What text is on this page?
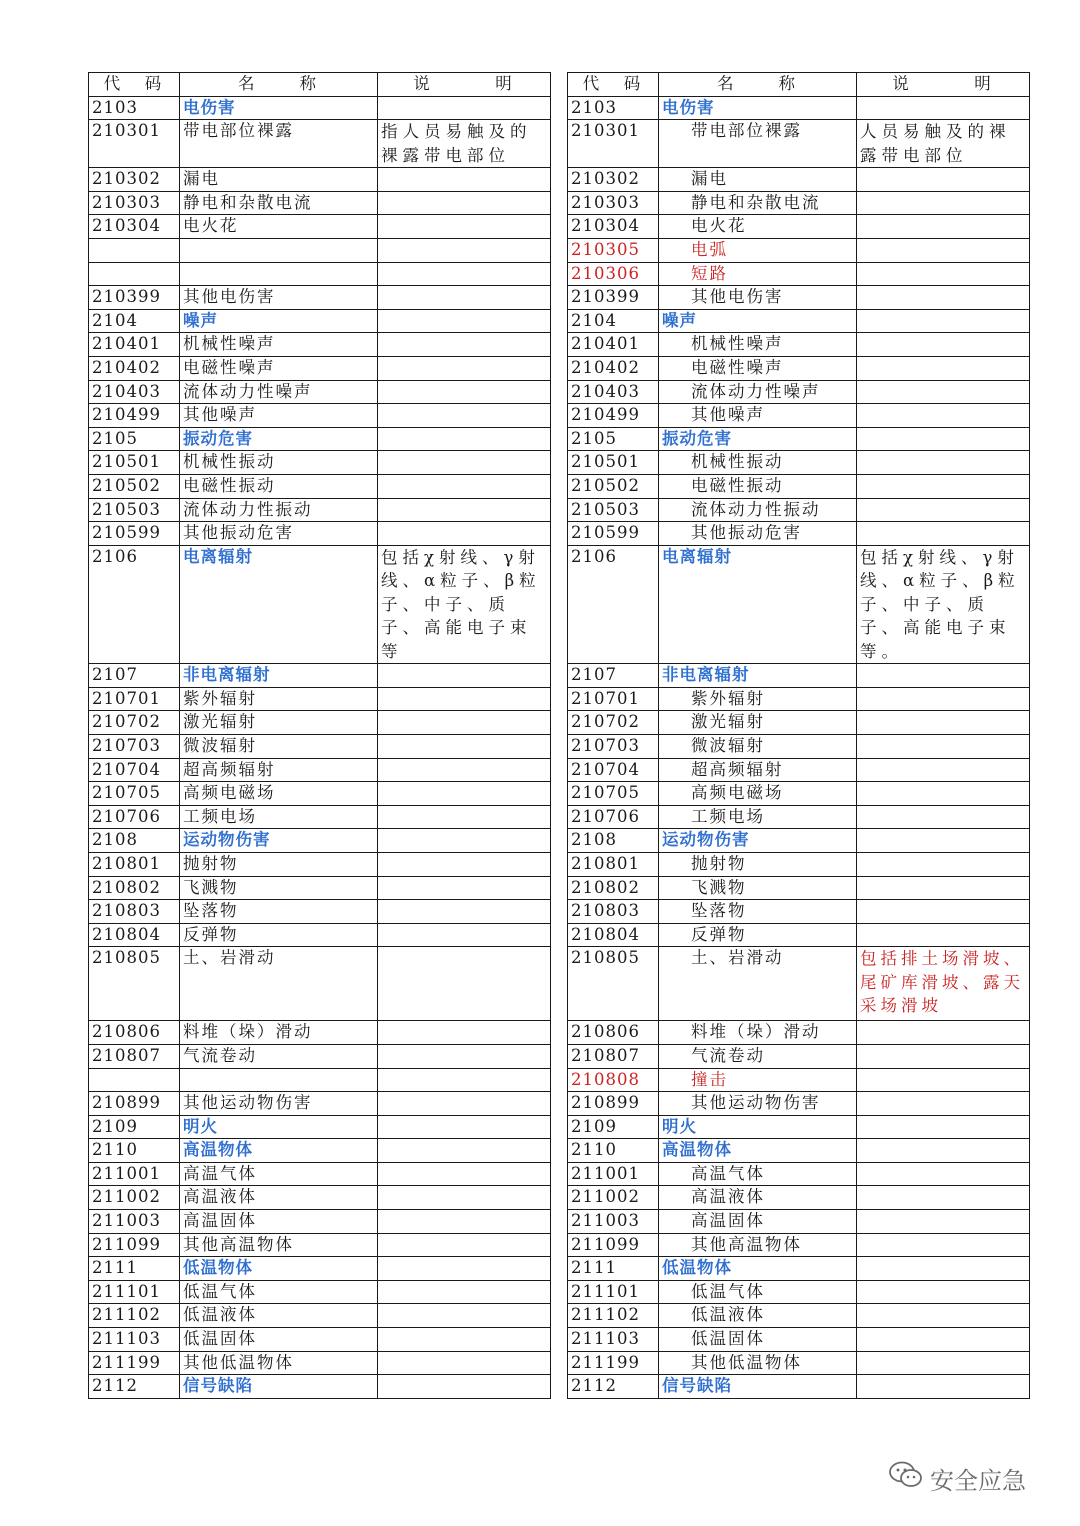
代　码	名　　称	说　　　明
2103	电伤害	
210301	带电部位裸露	指人员易触及的裸露带电部位
210302	漏电	
210303	静电和杂散电流	
210304	电火花	

210399	其他电伤害	
2104	噪声	
210401	机械性噪声	
210402	电磁性噪声	
210403	流体动力性噪声	
210499	其他噪声	
2105	振动危害	
210501	机械性振动	
210502	电磁性振动	
210503	流体动力性振动	
210599	其他振动危害	
2106	电离辐射	包括χ射线、γ射线、α粒子、β粒子、中子、质子、高能电子束等
2107	非电离辐射	
210701	紫外辐射	
210702	激光辐射	
210703	微波辐射	
210704	超高频辐射	
210705	高频电磁场	
210706	工频电场	
2108	运动物伤害	
210801	抛射物	
210802	飞溅物	
210803	坠落物	
210804	反弹物	
210805	土、岩滑动	
210806	料堆（垛）滑动	
210807	气流卷动	

210899	其他运动物伤害	
2109	明火	
2110	高温物体	
211001	高温气体	
211002	高温液体	
211003	高温固体	
211099	其他高温物体	
2111	低温物体	
211101	低温气体	
211102	低温液体	
211103	低温固体	
211199	其他低温物体	
2112	信号缺陷	
代　码	名　　称	说　　　明
2103	电伤害	
210301	带电部位裸露	人员易触及的裸露带电部位
210302	漏电	
210303	静电和杂散电流	
210304	电火花	
210305	电弧	
210306	短路	
210399	其他电伤害	
2104	噪声	
210401	机械性噪声	
210402	电磁性噪声	
210403	流体动力性噪声	
210499	其他噪声	
2105	振动危害	
210501	机械性振动	
210502	电磁性振动	
210503	流体动力性振动	
210599	其他振动危害	
2106	电离辐射	包括χ射线、γ射线、α粒子、β粒子、中子、质子、高能电子束等。
2107	非电离辐射	
210701	紫外辐射	
210702	激光辐射	
210703	微波辐射	
210704	超高频辐射	
210705	高频电磁场	
210706	工频电场	
2108	运动物伤害	
210801	抛射物	
210802	飞溅物	
210803	坠落物	
210804	反弹物	
210805	土、岩滑动	包括排土场滑坡、尾矿库滑坡、露天采场滑坡
210806	料堆（垛）滑动	
210807	气流卷动	
210808	撞击	
210899	其他运动物伤害	
2109	明火	
2110	高温物体	
211001	高温气体	
211002	高温液体	
211003	高温固体	
211099	其他高温物体	
2111	低温物体	
211101	低温气体	
211102	低温液体	
211103	低温固体	
211199	其他低温物体	
2112	信号缺陷	
安全应急
